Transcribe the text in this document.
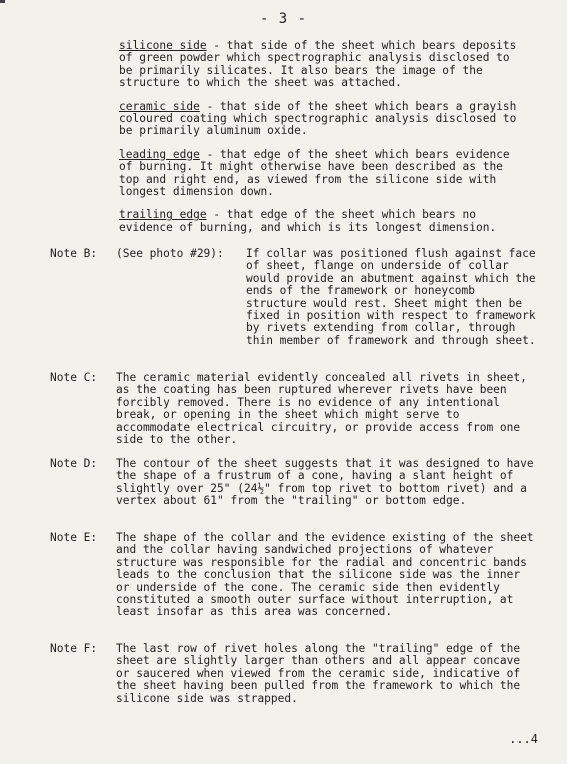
- 3 -
silicone side - that side of the sheet which bears deposits of green powder which spectrographic analysis disclosed to be primarily silicates. It also bears the image of the structure to which the sheet was attached.
ceramic side - that side of the sheet which bears a grayish coloured coating which spectrographic analysis disclosed to be primarily aluminum oxide.
leading edge - that edge of the sheet which bears evidence of burning. It might otherwise have been described as the top and right end, as viewed from the silicone side with longest dimension down.
trailing edge - that edge of the sheet which bears no evidence of burning, and which is its longest dimension.
Note B:	(See photo #29):	If collar was positioned flush against face of sheet, flange on underside of collar would provide an abutment against which the ends of the framework or honeycomb structure would rest. Sheet might then be fixed in position with respect to framework by rivets extending from collar, through thin member of framework and through sheet.
Note C:	The ceramic material evidently concealed all rivets in sheet, as the coating has been ruptured wherever rivets have been forcibly removed. There is no evidence of any intentional break, or opening in the sheet which might serve to accommodate electrical circuitry, or provide access from one side to the other.
Note D:	The contour of the sheet suggests that it was designed to have the shape of a frustrum of a cone, having a slant height of slightly over 25" (24½" from top rivet to bottom rivet) and a vertex about 61" from the "trailing" or bottom edge.
Note E:	The shape of the collar and the evidence existing of the sheet and the collar having sandwiched projections of whatever structure was responsible for the radial and concentric bands leads to the conclusion that the silicone side was the inner or underside of the cone. The ceramic side then evidently constituted a smooth outer surface without interruption, at least insofar as this area was concerned.
Note F:	The last row of rivet holes along the "trailing" edge of the sheet are slightly larger than others and all appear concave or saucered when viewed from the ceramic side, indicative of the sheet having been pulled from the framework to which the silicone side was strapped.
...4
